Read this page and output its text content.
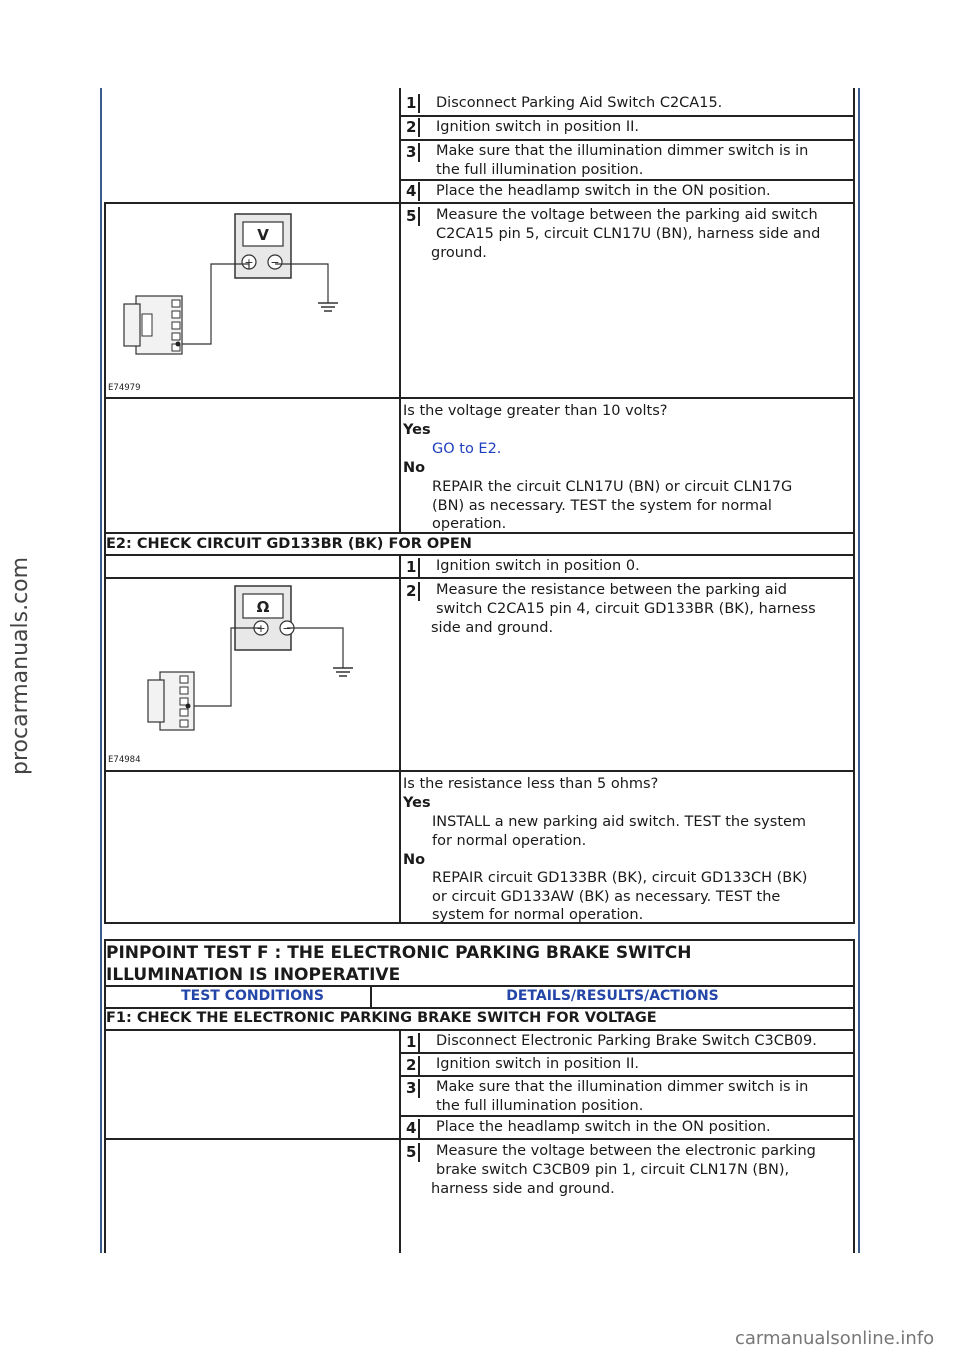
procarmanuals.com
1 Disconnect Parking Aid Switch C2CA15.
2 Ignition switch in position II.
3 Make sure that the illumination dimmer switch is in
the full illumination position.
4 Place the headlamp switch in the ON position.
5 Measure the voltage between the parking aid switch
C2CA15 pin 5, circuit CLN17U (BN), harness side and
ground.
V
+ −
E74979
Is the voltage greater than 10 volts?
Yes
GO to E2.
No
REPAIR the circuit CLN17U (BN) or circuit CLN17G
(BN) as necessary. TEST the system for normal
operation.
E2: CHECK CIRCUIT GD133BR (BK) FOR OPEN
1 Ignition switch in position 0.
2 Measure the resistance between the parking aid
switch C2CA15 pin 4, circuit GD133BR (BK), harness
side and ground.
Ω
+ −
E74984
Is the resistance less than 5 ohms?
Yes
INSTALL a new parking aid switch. TEST the system
for normal operation.
No
REPAIR circuit GD133BR (BK), circuit GD133CH (BK)
or circuit GD133AW (BK) as necessary. TEST the
system for normal operation.
PINPOINT TEST F : THE ELECTRONIC PARKING BRAKE SWITCH
ILLUMINATION IS INOPERATIVE
TEST CONDITIONS	DETAILS/RESULTS/ACTIONS
F1: CHECK THE ELECTRONIC PARKING BRAKE SWITCH FOR VOLTAGE
1 Disconnect Electronic Parking Brake Switch C3CB09.
2 Ignition switch in position II.
3 Make sure that the illumination dimmer switch is in
the full illumination position.
4 Place the headlamp switch in the ON position.
5 Measure the voltage between the electronic parking
brake switch C3CB09 pin 1, circuit CLN17N (BN),
harness side and ground.
carmanualsonline.info
